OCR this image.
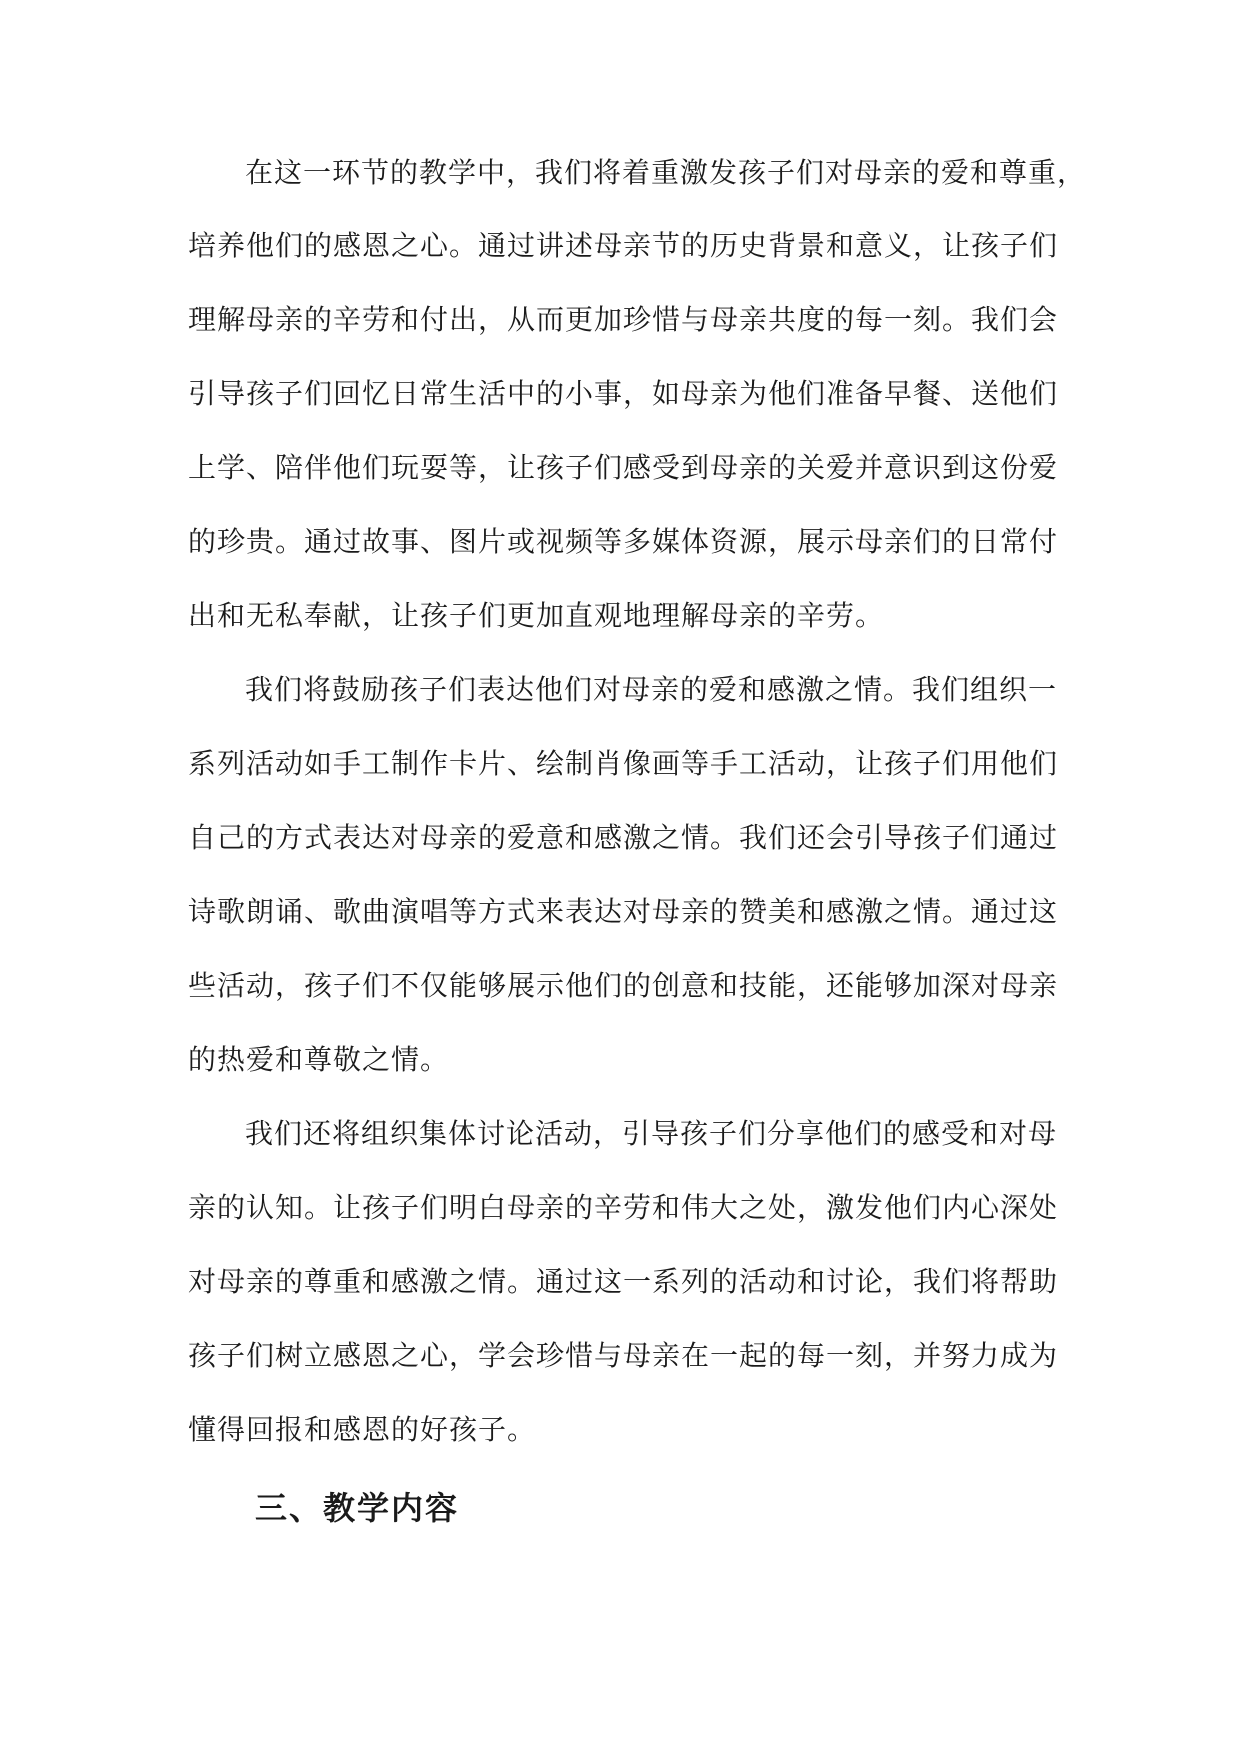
在这一环节的教学中，我们将着重激发孩子们对母亲的爱和尊重，
培养他们的感恩之心。通过讲述母亲节的历史背景和意义，让孩子们
理解母亲的辛劳和付出，从而更加珍惜与母亲共度的每一刻。我们会
引导孩子们回忆日常生活中的小事，如母亲为他们准备早餐、送他们
上学、陪伴他们玩耍等，让孩子们感受到母亲的关爱并意识到这份爱
的珍贵。通过故事、图片或视频等多媒体资源，展示母亲们的日常付
出和无私奉献，让孩子们更加直观地理解母亲的辛劳。
我们将鼓励孩子们表达他们对母亲的爱和感激之情。我们组织一
系列活动如手工制作卡片、绘制肖像画等手工活动，让孩子们用他们
自己的方式表达对母亲的爱意和感激之情。我们还会引导孩子们通过
诗歌朗诵、歌曲演唱等方式来表达对母亲的赞美和感激之情。通过这
些活动，孩子们不仅能够展示他们的创意和技能，还能够加深对母亲
的热爱和尊敬之情。
我们还将组织集体讨论活动，引导孩子们分享他们的感受和对母
亲的认知。让孩子们明白母亲的辛劳和伟大之处，激发他们内心深处
对母亲的尊重和感激之情。通过这一系列的活动和讨论，我们将帮助
孩子们树立感恩之心，学会珍惜与母亲在一起的每一刻，并努力成为
懂得回报和感恩的好孩子。
三、教学内容
